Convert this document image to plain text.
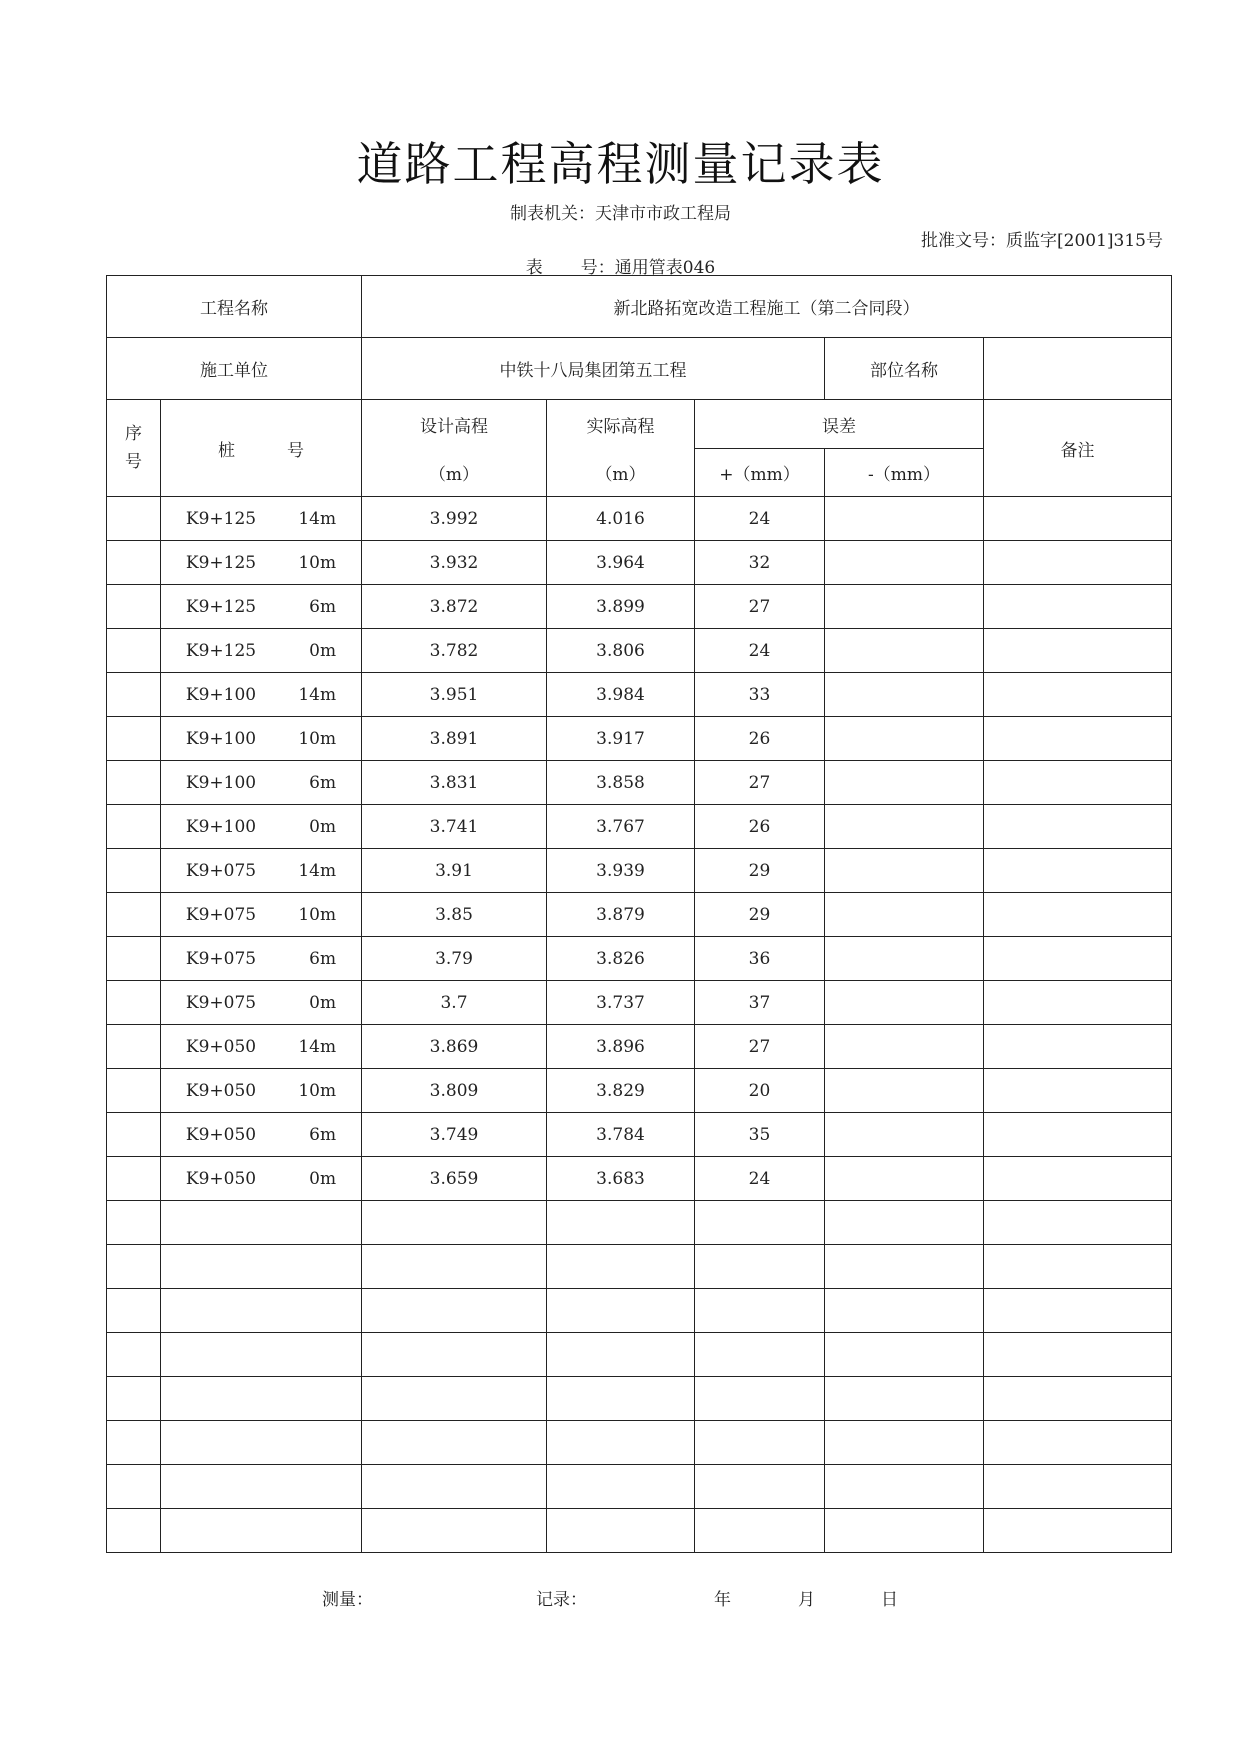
道路工程高程测量记录表
制表机关：天津市市政工程局
批准文号：质监字[2001]315号
表 号：通用管表046
工程名称		新北路拓宽改造工程施工（第二合同段）				
施工单位		中铁十八局集团第五工程			部位名称	
序
号	桩 号	设计高程	实际高程	误差		备注
		（m）	（m）	+（mm）	-（mm）	
	K9+125 14m	3.992	4.016	24		
	K9+125 10m	3.932	3.964	32		
	K9+125 6m	3.872	3.899	27		
	K9+125 0m	3.782	3.806	24		
	K9+100 14m	3.951	3.984	33		
	K9+100 10m	3.891	3.917	26		
	K9+100 6m	3.831	3.858	27		
	K9+100 0m	3.741	3.767	26		
	K9+075 14m	3.91	3.939	29		
	K9+075 10m	3.85	3.879	29		
	K9+075 6m	3.79	3.826	36		
	K9+075 0m	3.7	3.737	37		
	K9+050 14m	3.869	3.896	27		
	K9+050 10m	3.809	3.829	20		
	K9+050 6m	3.749	3.784	35		
	K9+050 0m	3.659	3.683	24		

测量：	记录：	年	月	日
